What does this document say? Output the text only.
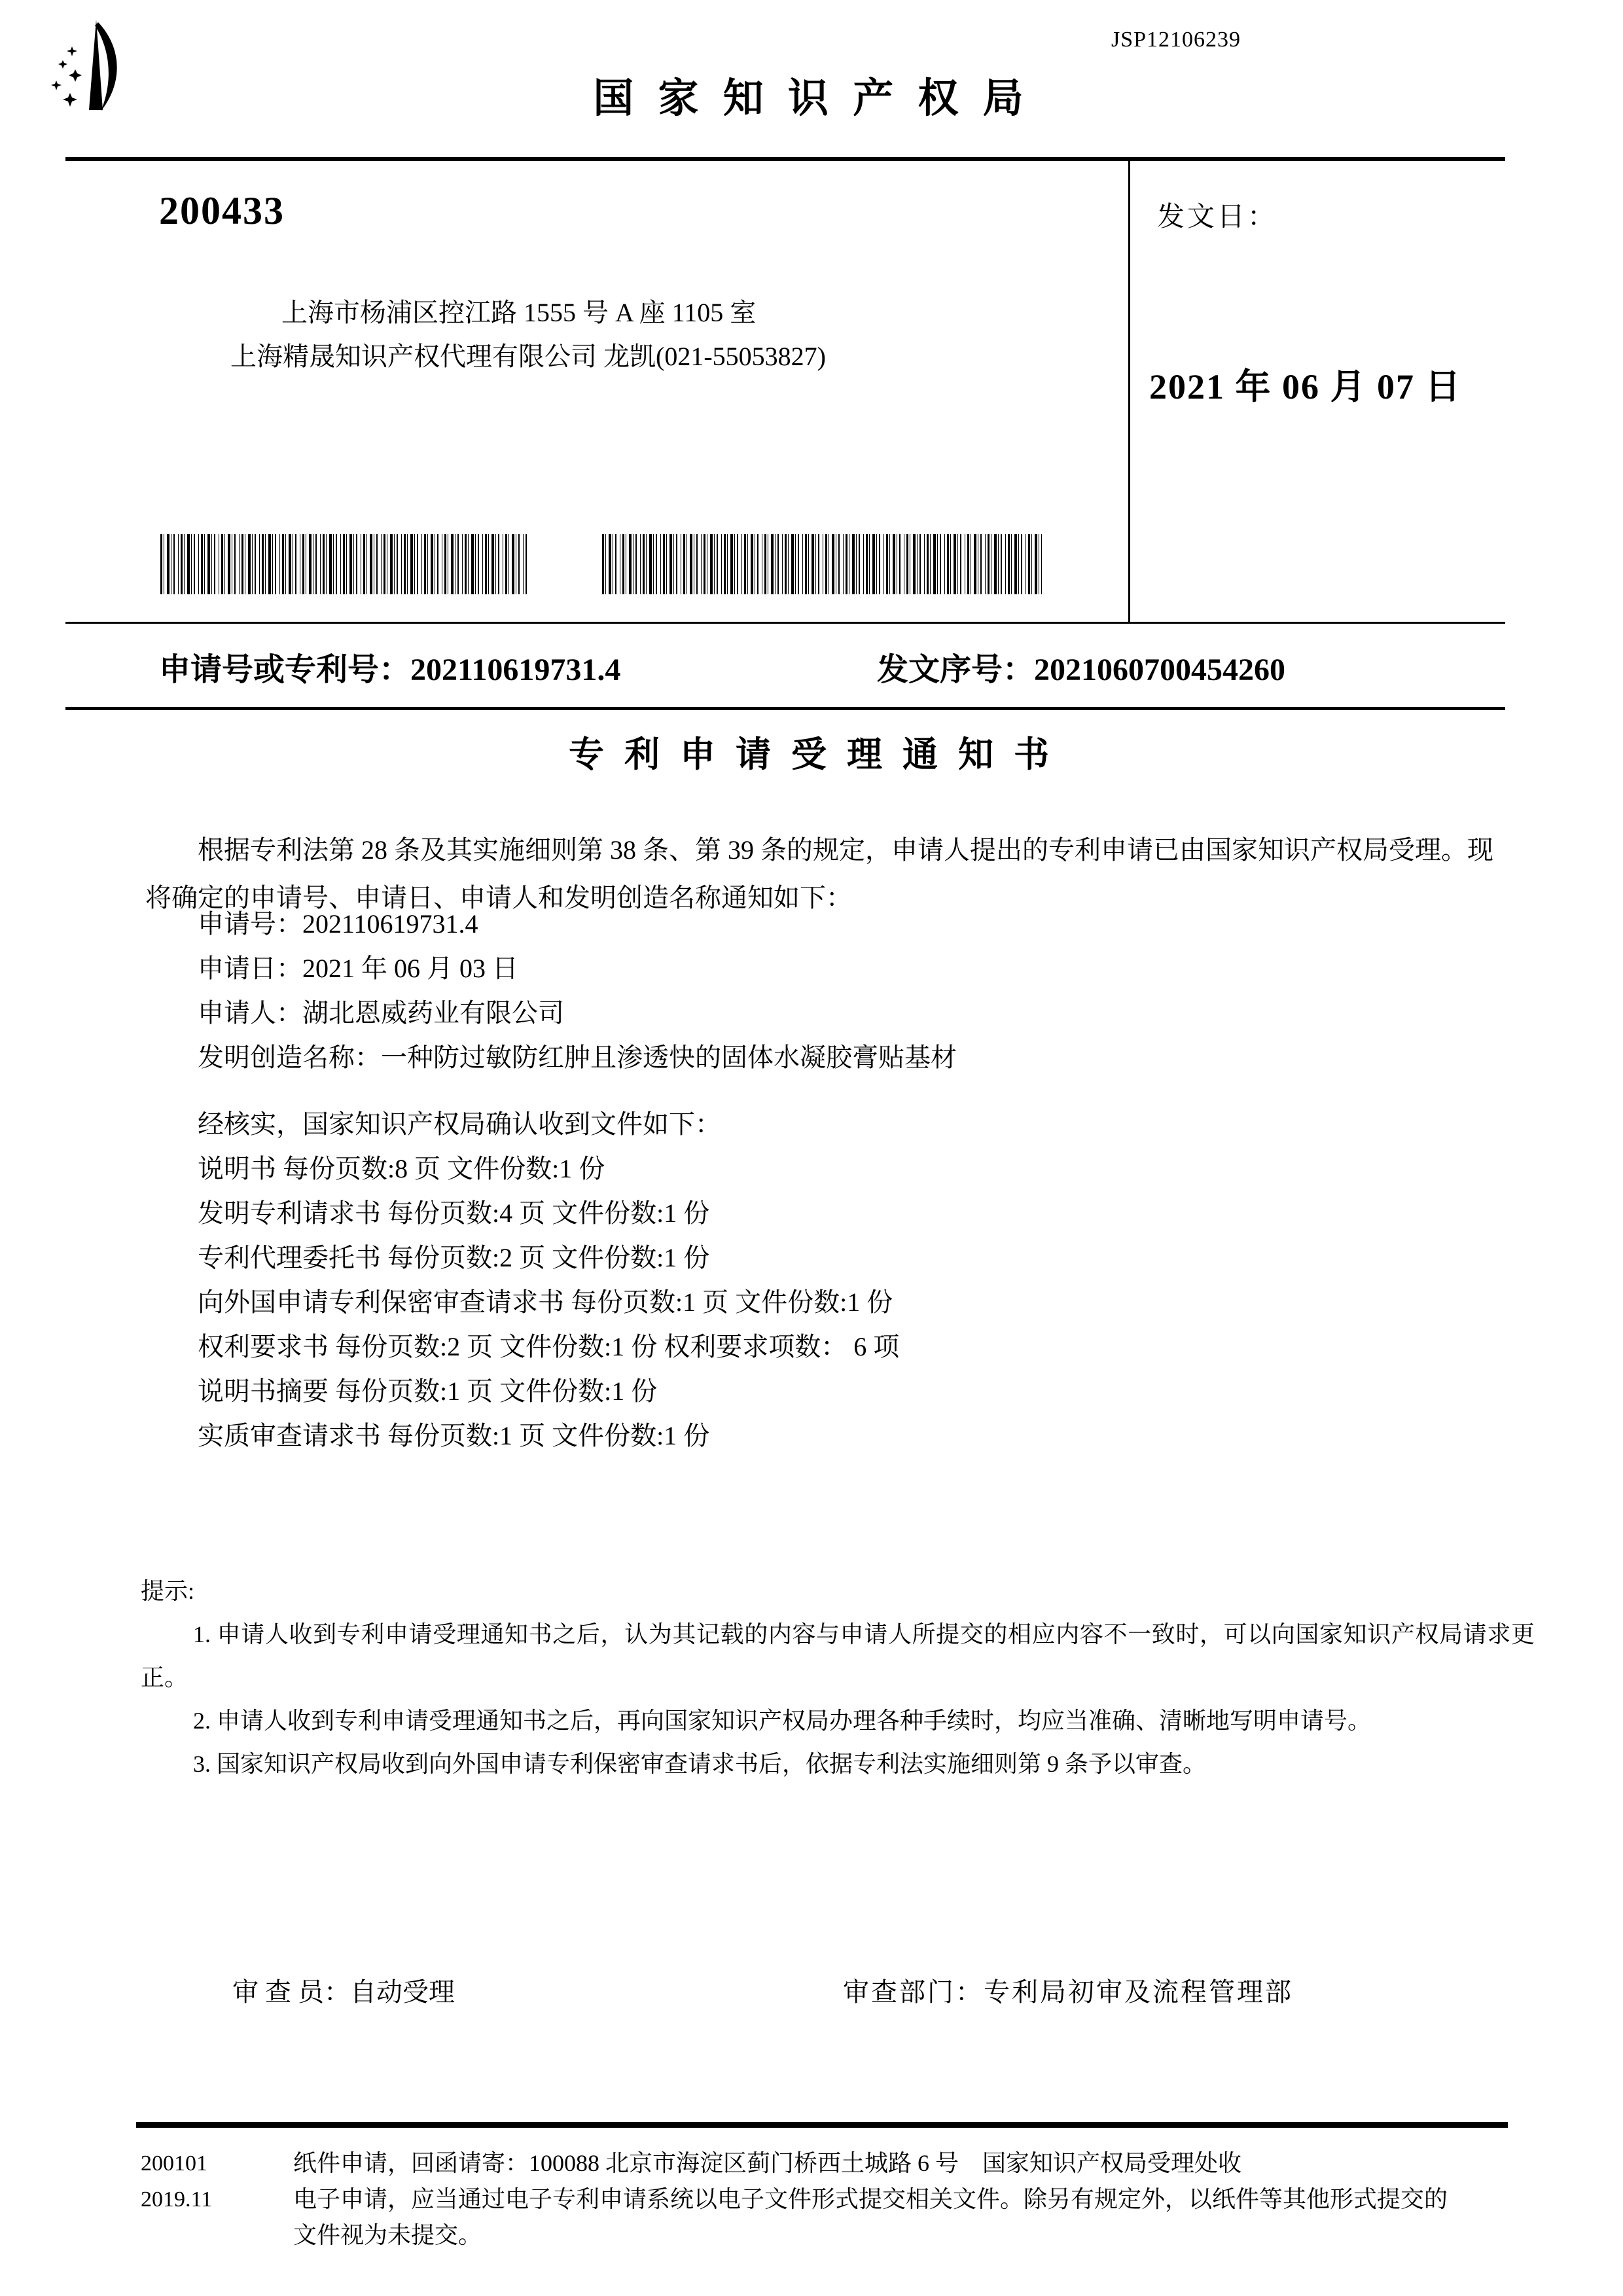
JSP12106239
国 家 知 识 产 权 局
发文日：
2021 年 06 月 07 日
200433
上海市杨浦区控江路 1555 号 A 座 1105 室
上海精晟知识产权代理有限公司 龙凯(021-55053827)
申请号或专利号：202110619731.4	发文序号：2021060700454260
专 利 申 请 受 理 通 知 书

根据专利法第 28 条及其实施细则第 38 条、第 39 条的规定，申请人提出的专利申请已由国家知识产权局受理。现将确定的申请号、申请日、申请人和发明创造名称通知如下：

申请号：202110619731.4
申请日：2021 年 06 月 03 日
申请人：湖北恩威药业有限公司
发明创造名称：一种防过敏防红肿且渗透快的固体水凝胶膏贴基材
经核实，国家知识产权局确认收到文件如下：
说明书 每份页数:8 页 文件份数:1 份
发明专利请求书 每份页数:4 页 文件份数:1 份
专利代理委托书 每份页数:2 页 文件份数:1 份
向外国申请专利保密审查请求书 每份页数:1 页 文件份数:1 份
权利要求书 每份页数:2 页 文件份数:1 份 权利要求项数： 6 项
说明书摘要 每份页数:1 页 文件份数:1 份
实质审查请求书 每份页数:1 页 文件份数:1 份
提示:

1. 申请人收到专利申请受理通知书之后，认为其记载的内容与申请人所提交的相应内容不一致时，可以向国家知识产权局请求更正。

2. 申请人收到专利申请受理通知书之后，再向国家知识产权局办理各种手续时，均应当准确、清晰地写明申请号。

3. 国家知识产权局收到向外国申请专利保密审查请求书后，依据专利法实施细则第 9 条予以审查。

审 查 员：自动受理	审查部门：专利局初审及流程管理部
200101	纸件申请，回函请寄：100088 北京市海淀区蓟门桥西土城路 6 号　国家知识产权局受理处收
2019.11	电子申请，应当通过电子专利申请系统以电子文件形式提交相关文件。除另有规定外，以纸件等其他形式提交的
文件视为未提交。
